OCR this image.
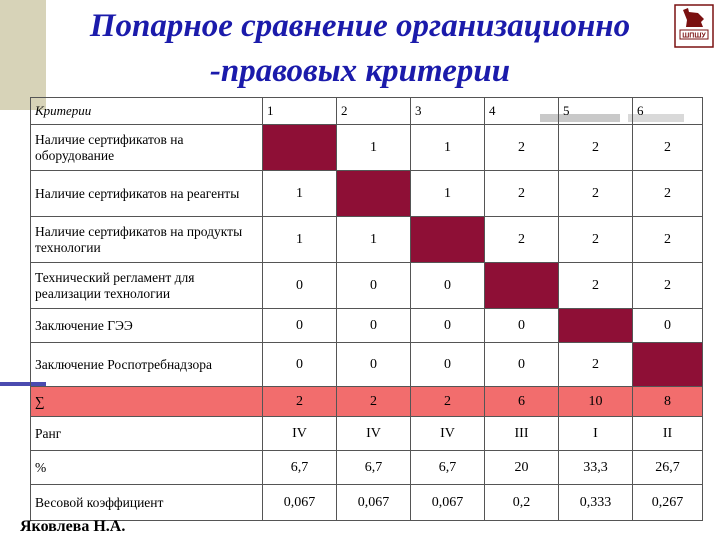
Попарное сравнение организационно
-правовых критерии
ШПШУ
Критерии	1	2	3	4	5	6
Наличие сертификатов на оборудование		1	1	2	2	2
Наличие сертификатов на реагенты	1		1	2	2	2
Наличие сертификатов на продукты технологии	1	1		2	2	2
Технический регламент для реализации технологии	0	0	0		2	2
Заключение ГЭЭ	0	0	0	0		0
Заключение Роспотребнадзора	0	0	0	0	2	
∑	2	2	2	6	10	8
Ранг	IV	IV	IV	III	I	II
%	6,7	6,7	6,7	20	33,3	26,7
Весовой коэффициент	0,067	0,067	0,067	0,2	0,333	0,267
Яковлева Н.А.
